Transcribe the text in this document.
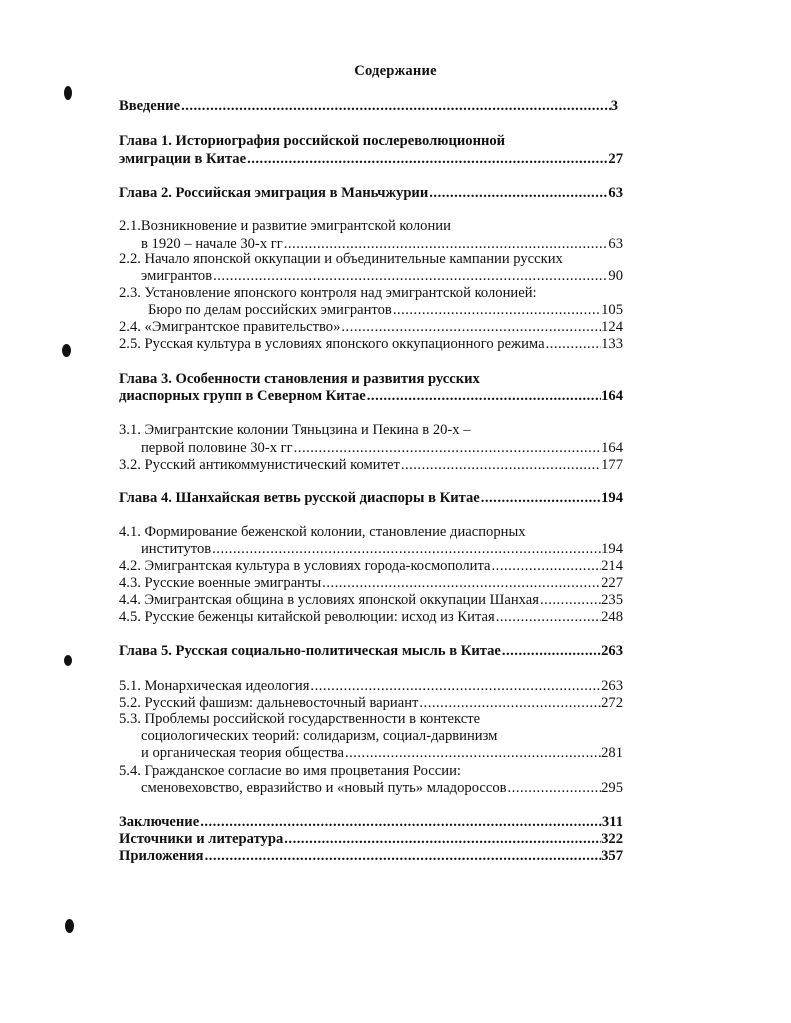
Содержание
Введение .....	3
Глава 1. Историография российской послереволюционной
эмиграции в Китае .....	27
Глава 2. Российская эмиграция в Маньчжурии .....	63
2.1.Возникновение и развитие эмигрантской колонии
в 1920 – начале 30-х гг .....	63
2.2. Начало японской оккупации и объединительные кампании русских
эмигрантов .....	90
2.3. Установление японского контроля над эмигрантской колонией:
Бюро по делам российских эмигрантов .....	105
2.4. «Эмигрантское правительство» .....	124
2.5. Русская культура в условиях японского оккупационного режима .....	133
Глава 3. Особенности становления и развития русских
диаспорных групп в Северном Китае .....	164
3.1. Эмигрантские колонии Тяньцзина и Пекина в 20-х –
первой половине 30-х гг .....	164
3.2. Русский антикоммунистический комитет .....	177
Глава 4. Шанхайская ветвь русской диаспоры в Китае .....	194
4.1. Формирование беженской колонии, становление диаспорных
институтов .....	194
4.2. Эмигрантская культура в условиях города-космополита .....	214
4.3. Русские военные эмигранты .....	227
4.4. Эмигрантская община в условиях японской оккупации Шанхая .....	235
4.5. Русские беженцы китайской революции: исход из Китая .....	248
Глава 5. Русская социально-политическая мысль в Китае .....	263
5.1. Монархическая идеология .....	263
5.2. Русский фашизм: дальневосточный вариант .....	272
5.3. Проблемы российской государственности в контексте
социологических теорий: солидаризм, социал-дарвинизм
и органическая теория общества .....	281
5.4. Гражданское согласие во имя процветания России:
сменовеховство, евразийство и «новый путь» младороссов .....	295
Заключение .....	311
Источники и литература .....	322
Приложения .....	357
